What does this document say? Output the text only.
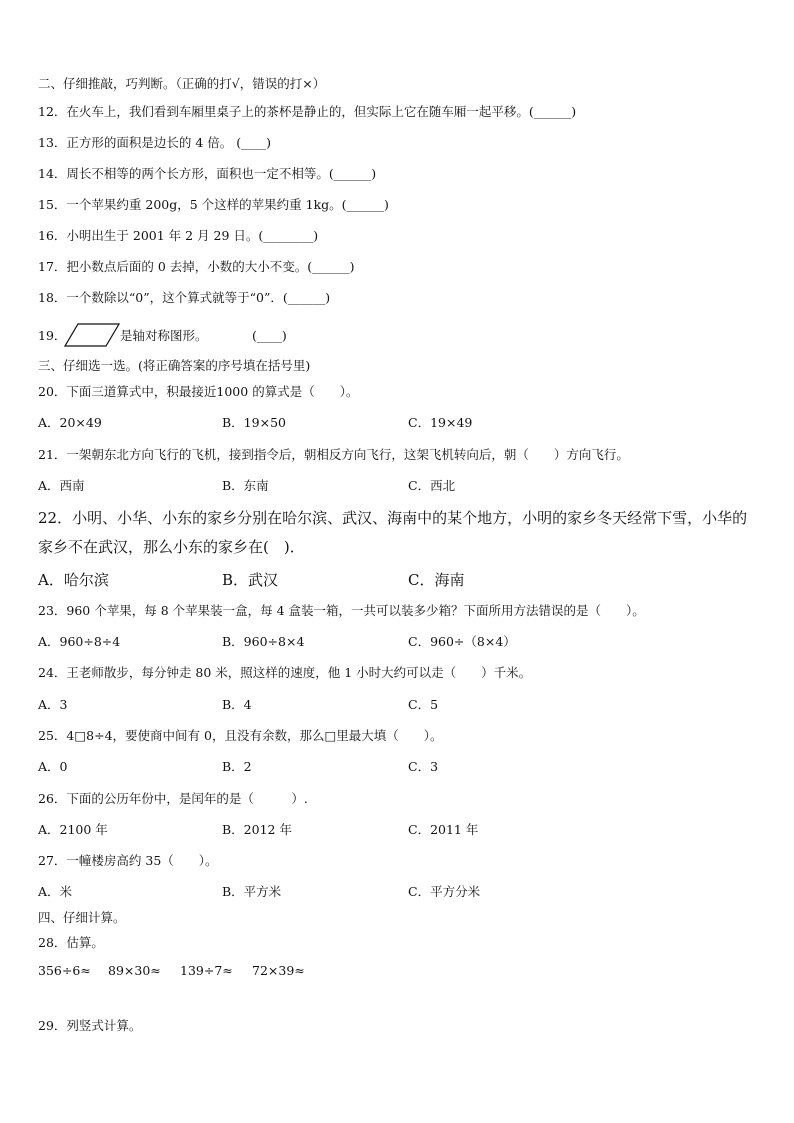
二、仔细推敲，巧判断。（正确的打√，错误的打×）
12．在火车上，我们看到车厢里桌子上的茶杯是静止的，但实际上它在随车厢一起平移。(______)
13．正方形的面积是边长的 4 倍。 (____)
14．周长不相等的两个长方形，面积也一定不相等。(______)
15．一个苹果约重 200g，5 个这样的苹果约重 1kg。(______)
16．小明出生于 2001 年 2 月 29 日。(________)
17．把小数点后面的 0 去掉，小数的大小不变。(______)
18．一个数除以“0”，这个算式就等于“0”．(______)
19．	是轴对称图形。	(____)
三、仔细选一选。(将正确答案的序号填在括号里)
20．下面三道算式中，积最接近1000 的算式是（　　）。
A．20×49	B．19×50	C．19×49
21．一架朝东北方向飞行的飞机，接到指令后，朝相反方向飞行，这架飞机转向后，朝（　　）方向飞行。
A．西南	B．东南	C．西北
22．小明、小华、小东的家乡分别在哈尔滨、武汉、海南中的某个地方，小明的家乡冬天经常下雪，小华的家乡不在武汉，那么小东的家乡在(　)．
A．哈尔滨	B．武汉	C．海南
23．960 个苹果，每 8 个苹果装一盒，每 4 盒装一箱，一共可以装多少箱？下面所用方法错误的是（　　）。
A．960÷8÷4	B．960÷8×4	C．960÷（8×4）
24．王老师散步，每分钟走 80 米，照这样的速度，他 1 小时大约可以走（　　）千米。
A．3	B．4	C．5
25．4□8÷4，要使商中间有 0，且没有余数，那么□里最大填（　　）。
A．0	B．2	C．3
26．下面的公历年份中，是闰年的是（　　　）.
A．2100 年	B．2012 年	C．2011 年
27．一幢楼房高约 35（　　）。
A．米	B．平方米	C．平方分米
四、仔细计算。
28．估算。
356÷6≈ 89×30≈ 139÷7≈ 72×39≈
29．列竖式计算。
